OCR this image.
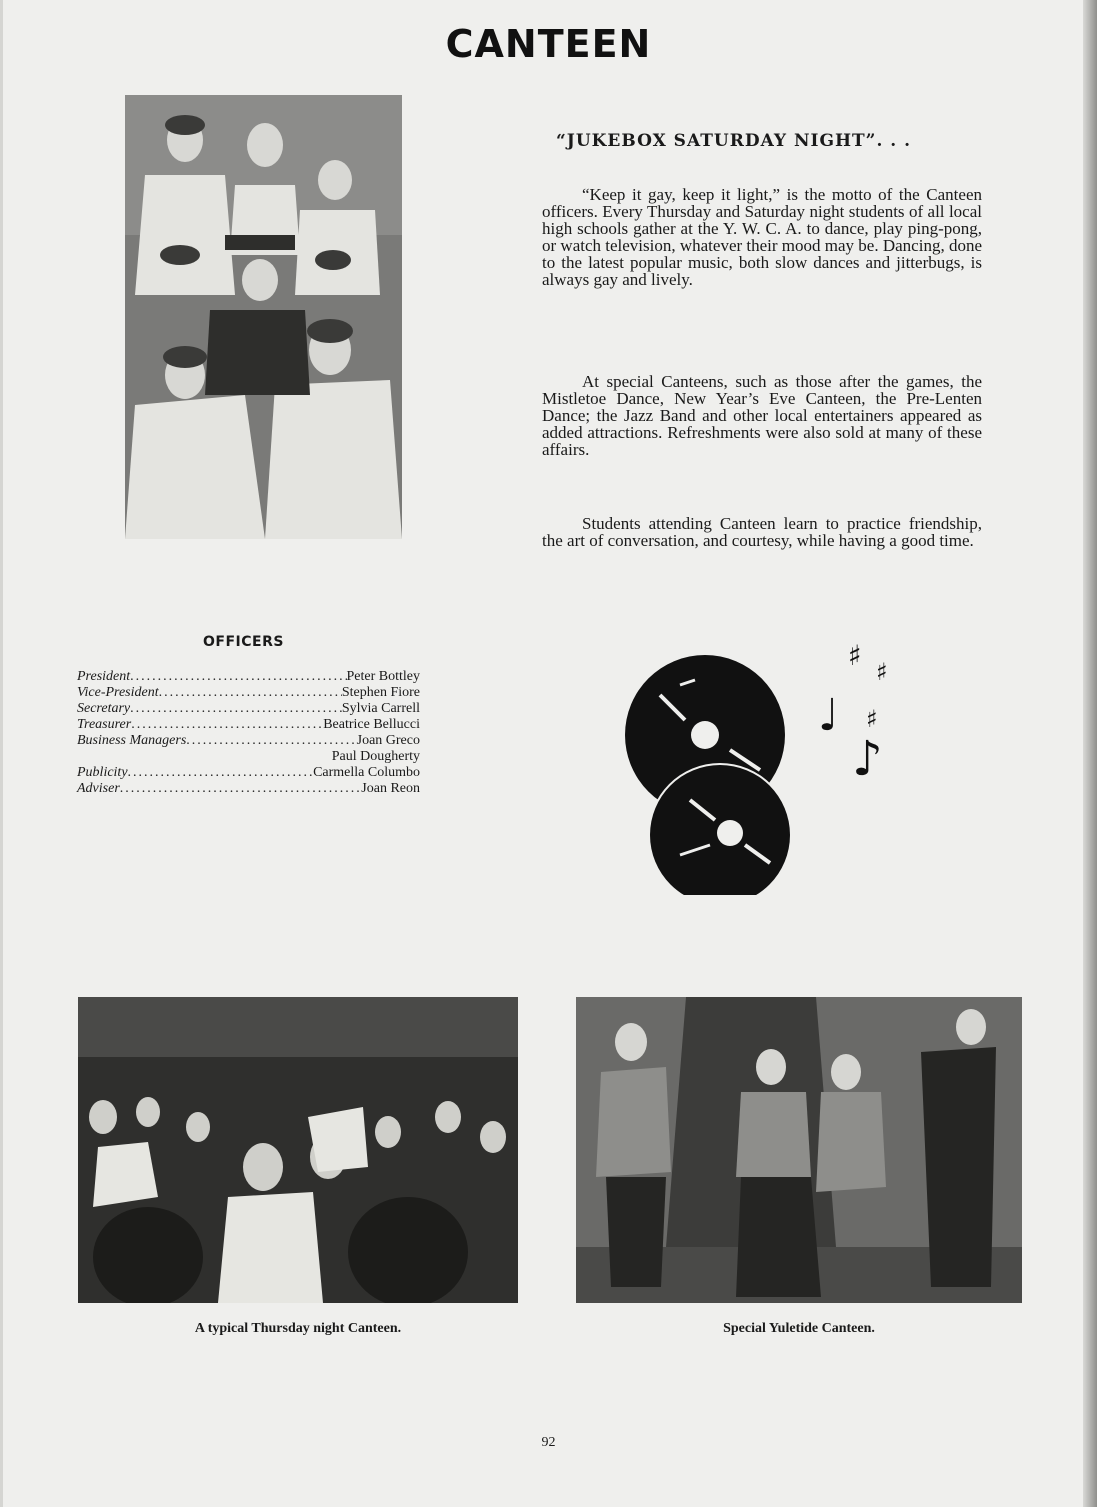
CANTEEN
“JUKEBOX SATURDAY NIGHT”. . .

“Keep it gay, keep it light,” is the motto of the Canteen officers. Every Thursday and Saturday night students of all local high schools gather at the Y. W. C. A. to dance, play ping-pong, or watch television, whatever their mood may be. Dancing, done to the latest popular music, both slow dances and jitterbugs, is always gay and lively.

At special Canteens, such as those after the games, the Mistletoe Dance, New Year’s Eve Canteen, the Pre-Lenten Dance; the Jazz Band and other local entertainers appeared as added attractions. Refreshments were also sold at many of these affairs.

Students attending Canteen learn to practice friendship, the art of conversation, and courtesy, while having a good time.

OFFICERS
President .....	Peter Bottley
Vice-President .....	Stephen Fiore
Secretary .....	Sylvia Carrell
Treasurer .....	Beatrice Bellucci
Business Managers .....	Joan Greco
Paul Dougherty
Publicity .....	Carmella Columbo
Adviser .....	Joan Reon
♯ ♯
♩ ♯
♪
A typical Thursday night Canteen.	Special Yuletide Canteen.
92
